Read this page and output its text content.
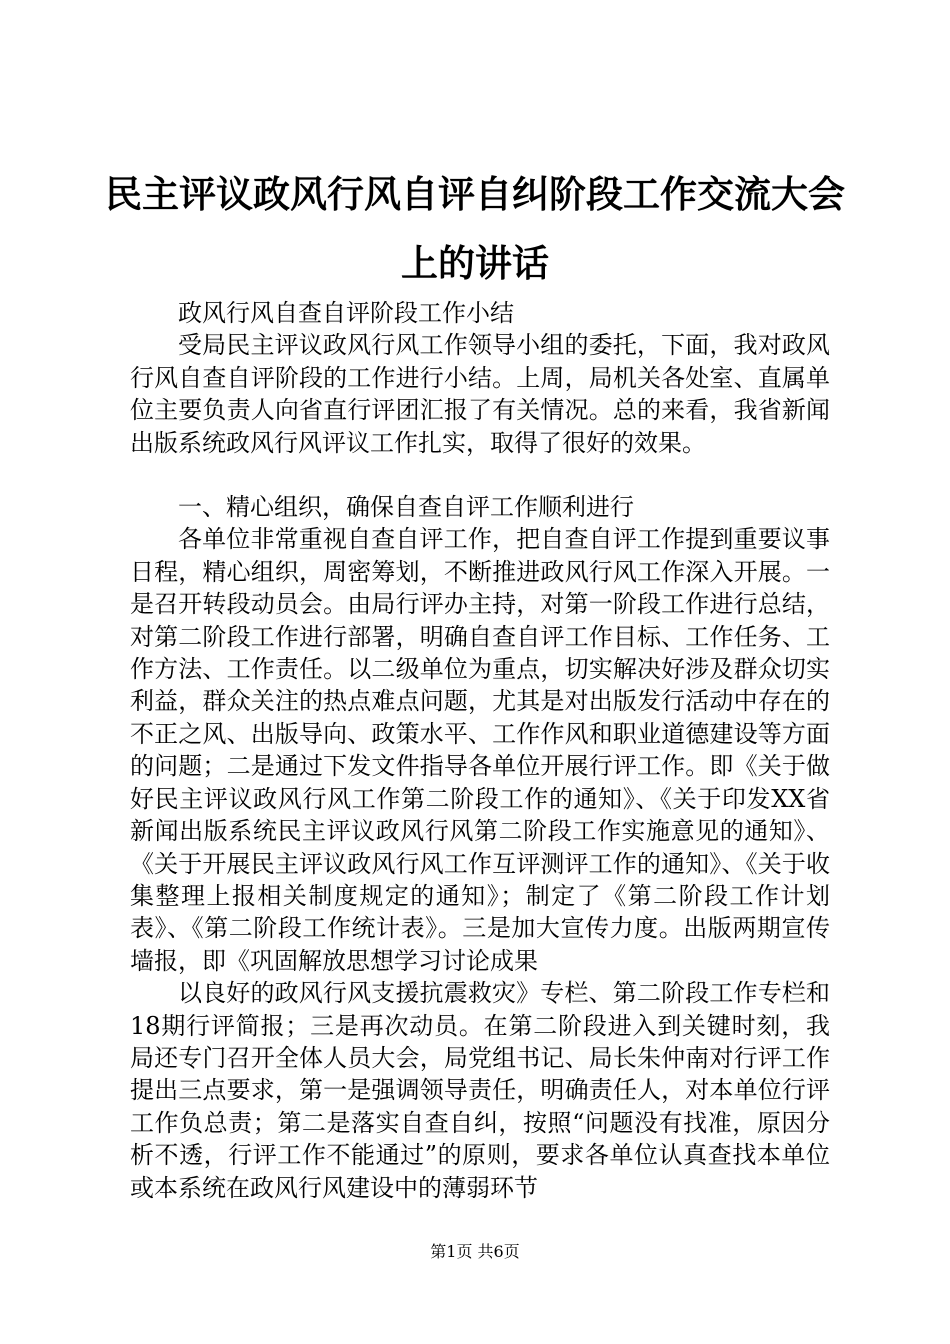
民主评议政风行风自评自纠阶段工作交流大会上的讲话

政风行风自查自评阶段工作小结

受局民主评议政风行风工作领导小组的委托，下面，我对政风行风自查自评阶段的工作进行小结。上周，局机关各处室、直属单位主要负责人向省直行评团汇报了有关情况。总的来看，我省新闻出版系统政风行风评议工作扎实，取得了很好的效果。

一、精心组织，确保自查自评工作顺利进行

各单位非常重视自查自评工作，把自查自评工作提到重要议事日程，精心组织，周密筹划，不断推进政风行风工作深入开展。一是召开转段动员会。由局行评办主持，对第一阶段工作进行总结，对第二阶段工作进行部署，明确自查自评工作目标、工作任务、工作方法、工作责任。以二级单位为重点，切实解决好涉及群众切实利益，群众关注的热点难点问题，尤其是对出版发行活动中存在的不正之风、出版导向、政策水平、工作作风和职业道德建设等方面的问题；二是通过下发文件指导各单位开展行评工作。即《关于做好民主评议政风行风工作第二阶段工作的通知》、《关于印发XX省新闻出版系统民主评议政风行风第二阶段工作实施意见的通知》、《关于开展民主评议政风行风工作互评测评工作的通知》、《关于收集整理上报相关制度规定的通知》；制定了《第二阶段工作计划表》、《第二阶段工作统计表》。三是加大宣传力度。出版两期宣传墙报，即《巩固解放思想学习讨论成果

以良好的政风行风支援抗震救灾》专栏、第二阶段工作专栏和18期行评简报；三是再次动员。在第二阶段进入到关键时刻，我局还专门召开全体人员大会，局党组书记、局长朱仲南对行评工作提出三点要求，第一是强调领导责任，明确责任人，对本单位行评工作负总责；第二是落实自查自纠，按照“问题没有找准，原因分析不透，行评工作不能通过”的原则，要求各单位认真查找本单位或本系统在政风行风建设中的薄弱环节

第1页 共6页
